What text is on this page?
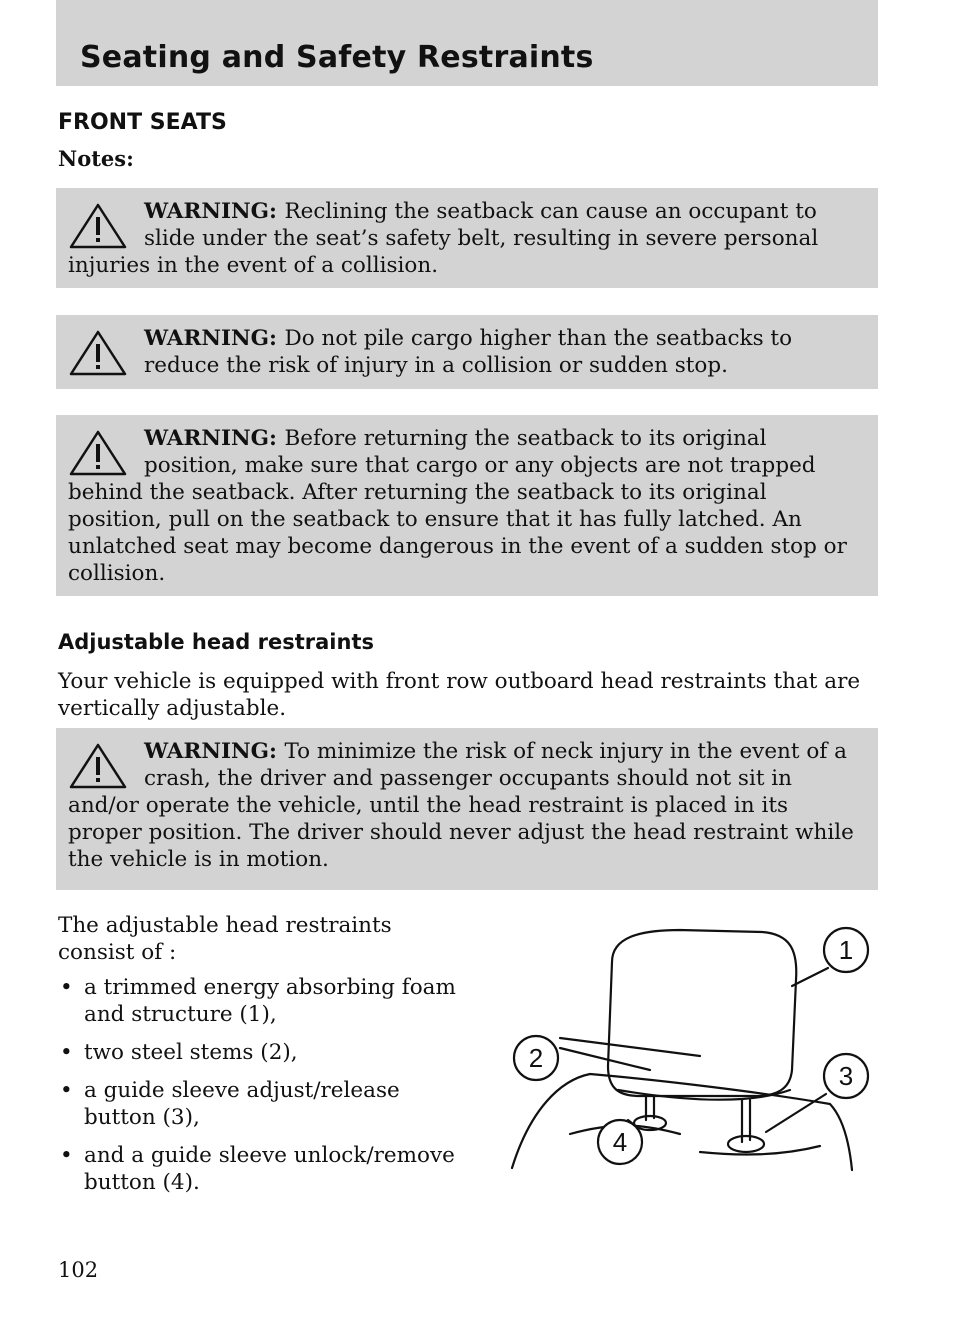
Seating and Safety Restraints
FRONT SEATS
Notes:
WARNING: Reclining the seatback can cause an occupant to slide under the seat’s safety belt, resulting in severe personal injuries in the event of a collision.
WARNING: Do not pile cargo higher than the seatbacks to reduce the risk of injury in a collision or sudden stop.
WARNING: Before returning the seatback to its original position, make sure that cargo or any objects are not trapped behind the seatback. After returning the seatback to its original position, pull on the seatback to ensure that it has fully latched. An unlatched seat may become dangerous in the event of a sudden stop or collision.
Adjustable head restraints
Your vehicle is equipped with front row outboard head restraints that are vertically adjustable.
WARNING: To minimize the risk of neck injury in the event of a crash, the driver and passenger occupants should not sit in and/or operate the vehicle, until the head restraint is placed in its proper position. The driver should never adjust the head restraint while the vehicle is in motion.
The adjustable head restraints consist of :
• a trimmed energy absorbing foam and structure (1),
• two steel stems (2),
• a guide sleeve adjust/release button (3),
• and a guide sleeve unlock/remove button (4).
1
2
3
4
102
